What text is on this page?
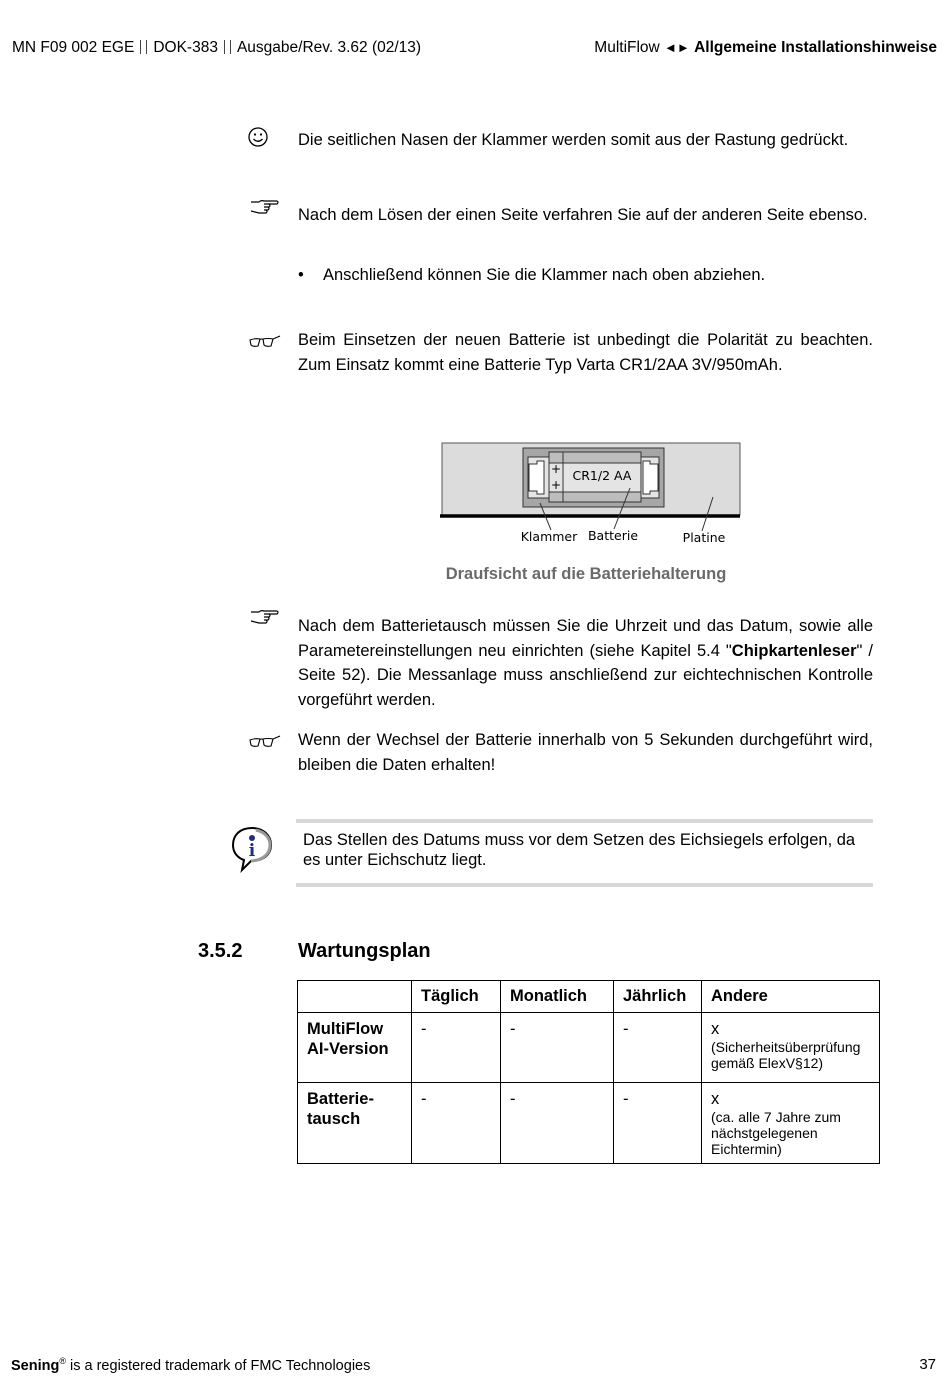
MN F09 002 EGE DOK-383 Ausgabe/Rev. 3.62 (02/13)	MultiFlow ◄► Allgemeine Installationshinweise
Die seitlichen Nasen der Klammer werden somit aus der Rastung gedrückt.
Nach dem Lösen der einen Seite verfahren Sie auf der anderen Seite ebenso.
• Anschließend können Sie die Klammer nach oben abziehen.
Beim Einsetzen der neuen Batterie ist unbedingt die Polarität zu beachten. Zum Einsatz kommt eine Batterie Typ Varta CR1/2AA 3V/950mAh.
+
+
CR1/2 AA
Klammer Batterie	Platine
Draufsicht auf die Batteriehalterung
Nach dem Batterietausch müssen Sie die Uhrzeit und das Datum, sowie alle Parametereinstellungen neu einrichten (siehe Kapitel 5.4 "Chipkartenleser" / Seite 52). Die Messanlage muss anschließend zur eichtechnischen Kontrolle vorgeführt werden.
Wenn der Wechsel der Batterie innerhalb von 5 Sekunden durchgeführt wird, bleiben die Daten erhalten!
i
Das Stellen des Datums muss vor dem Setzen des Eichsiegels erfolgen, da es unter Eichschutz liegt.
3.5.2	Wartungsplan
	Täglich	Monatlich	Jährlich	Andere
MultiFlow
AI-Version	-	-	-	x
(Sicherheitsüberprüfung gemäß ElexV§12)

Batterie-
tausch	-	-	-	x
(ca. alle 7 Jahre zum nächstgelegenen Eichtermin)
Sening® is a registered trademark of FMC Technologies	37
